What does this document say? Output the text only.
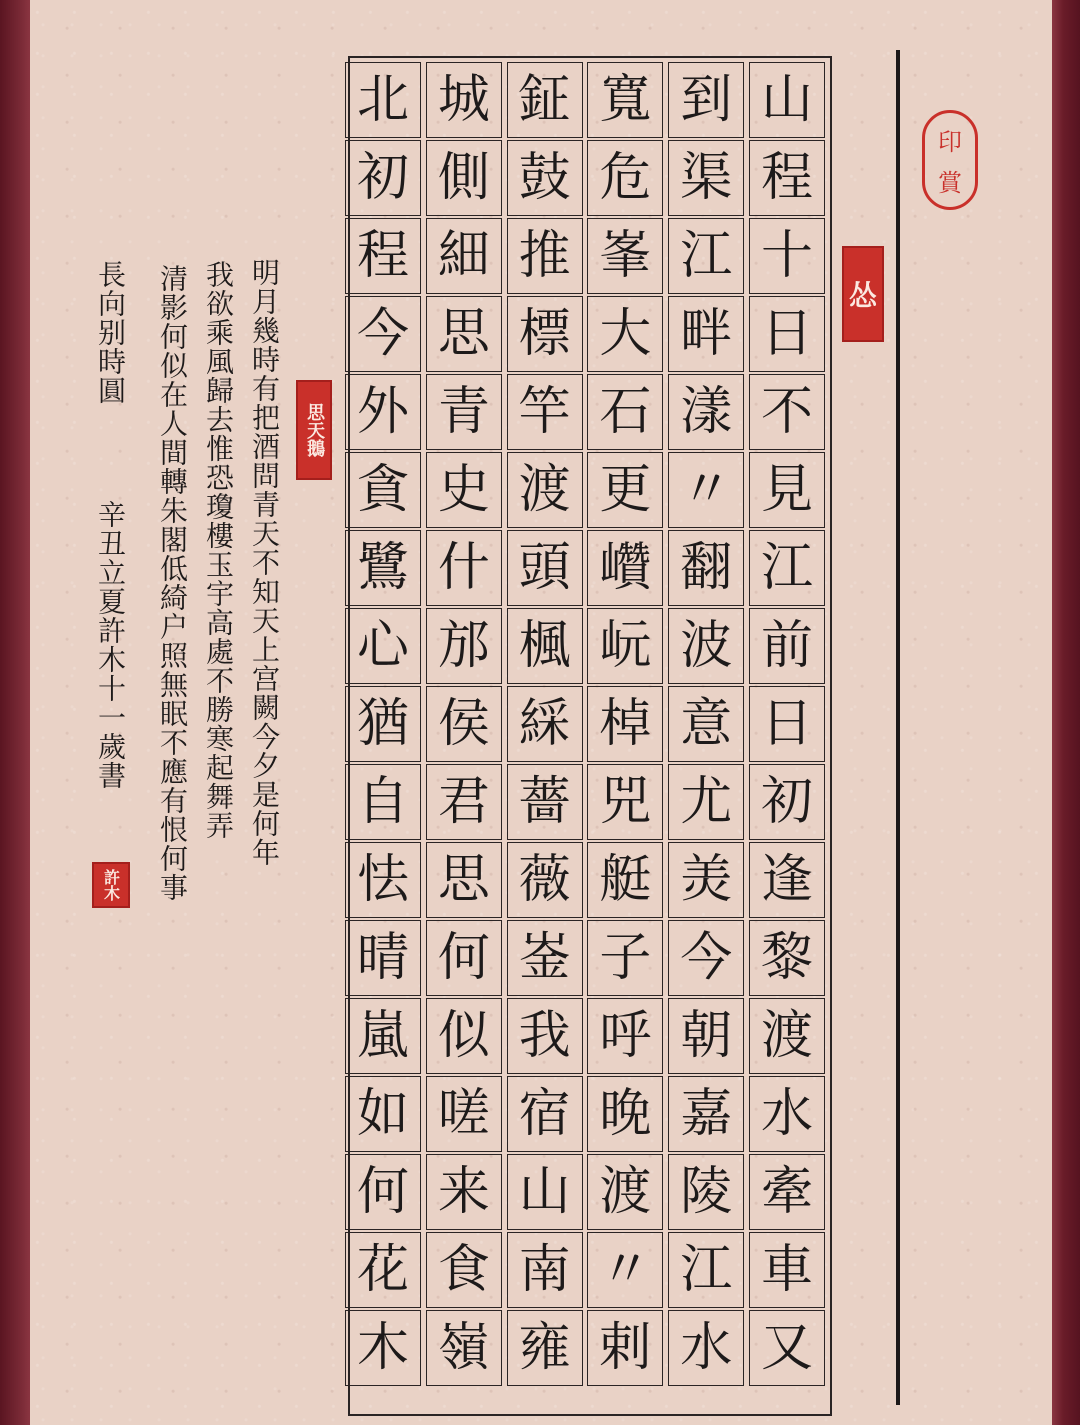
山
程
十
日
不
見
江
前
日
初
逢
黎
渡
水
牽
車
又
到
渠
江
畔
漾
〃
翻
波
意
尤
羙
今
朝
嘉
陵
江
水
寬
危
峯
大
石
更
巑
岏
棹
兕
艇
子
呼
晚
渡
〃
剌
鉦
鼓
推
標
竿
渡
頭
楓
綵
薔
薇
崟
我
宿
山
南
雍
城
側
細
思
青
史
什
邡
侯
君
思
何
似
嗟
来
食
嶺
北
初
程
今
外
貪
鷺
心
猶
自
怯
晴
嵐
如
何
花
木
印
賞
怂
思天鵝
許木
明月幾時有把酒問青天不知天上宫闕今夕是何年
我欲乘風歸去惟恐瓊樓玉宇高處不勝寒起舞弄
清影何似在人間轉朱閣低綺户照無眠不應有恨何事
長向别時圓
辛丑立夏許木十一歲書
